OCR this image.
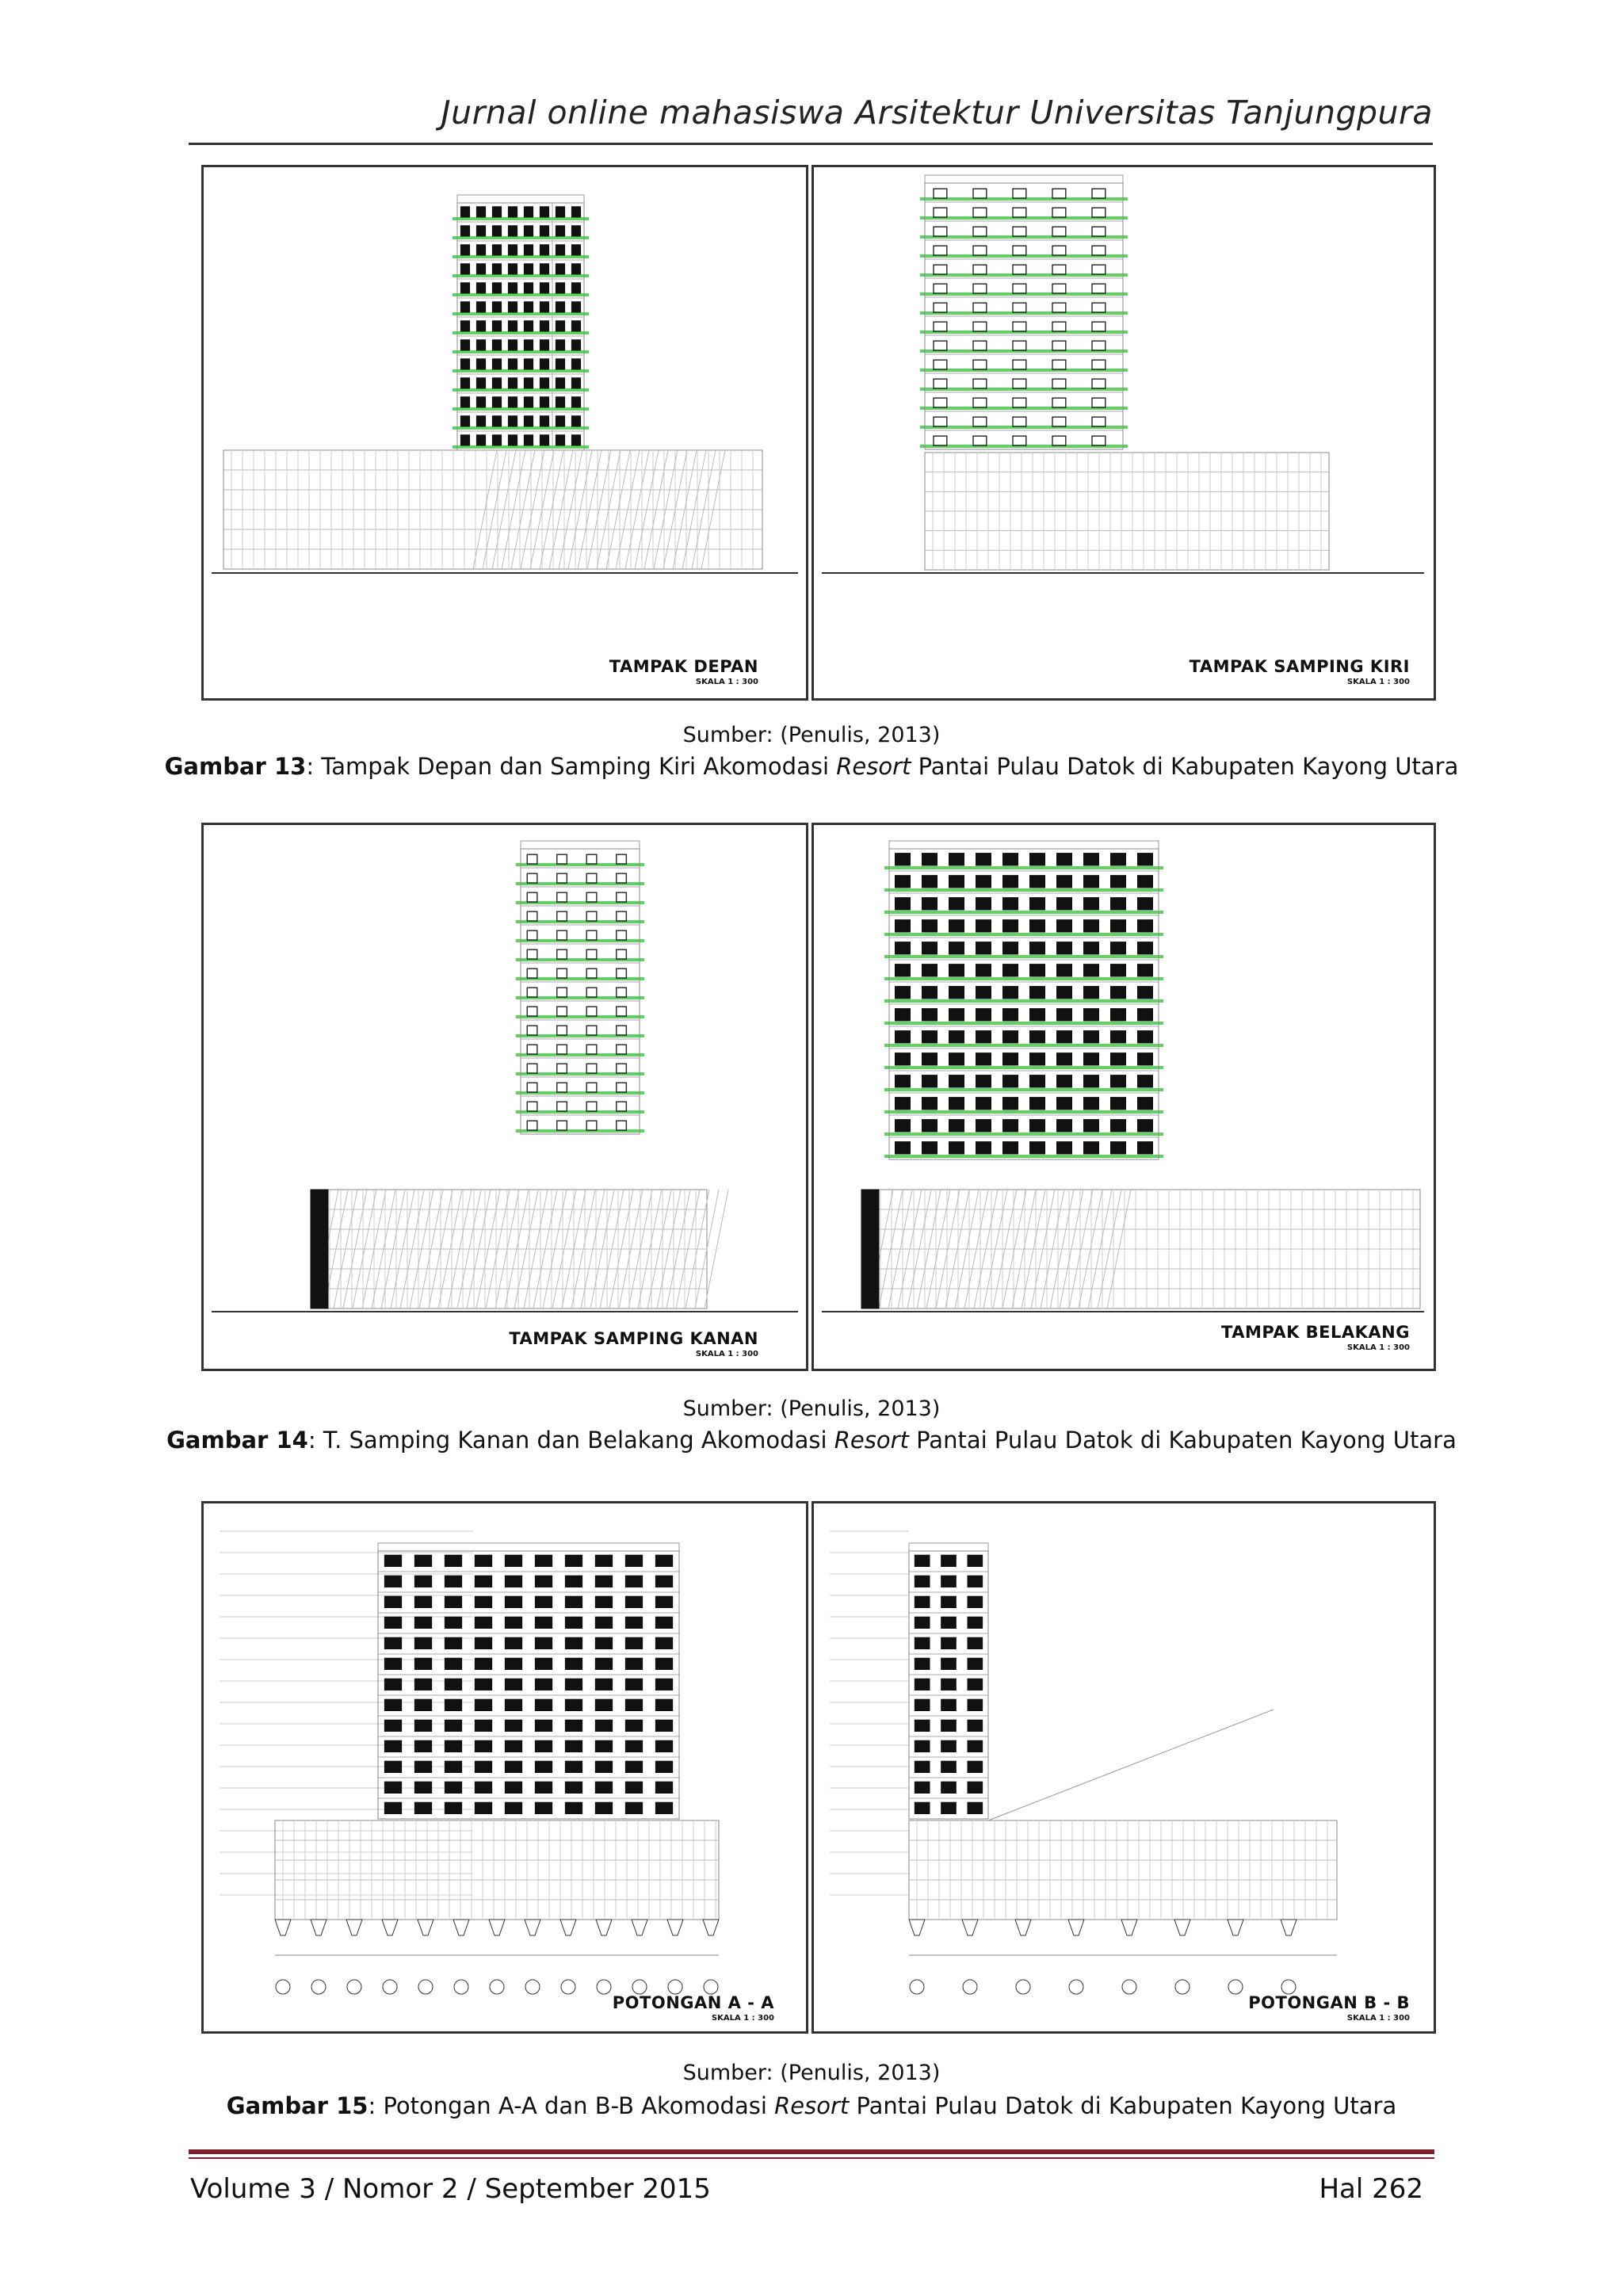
Jurnal online mahasiswa Arsitektur Universitas Tanjungpura
TAMPAK DEPAN
SKALA 1 : 300
TAMPAK SAMPING KIRI
SKALA 1 : 300
Sumber: (Penulis, 2013)
Gambar 13: Tampak Depan dan Samping Kiri Akomodasi Resort Pantai Pulau Datok di Kabupaten Kayong Utara
TAMPAK SAMPING KANAN
SKALA 1 : 300
TAMPAK BELAKANG
SKALA 1 : 300
Sumber: (Penulis, 2013)
Gambar 14: T. Samping Kanan dan Belakang Akomodasi Resort Pantai Pulau Datok di Kabupaten Kayong Utara
POTONGAN A - A
SKALA 1 : 300
POTONGAN B - B
SKALA 1 : 300
Sumber: (Penulis, 2013)
Gambar 15: Potongan A-A dan B-B Akomodasi Resort Pantai Pulau Datok di Kabupaten Kayong Utara
Volume 3 / Nomor 2 / September 2015	Hal 262
